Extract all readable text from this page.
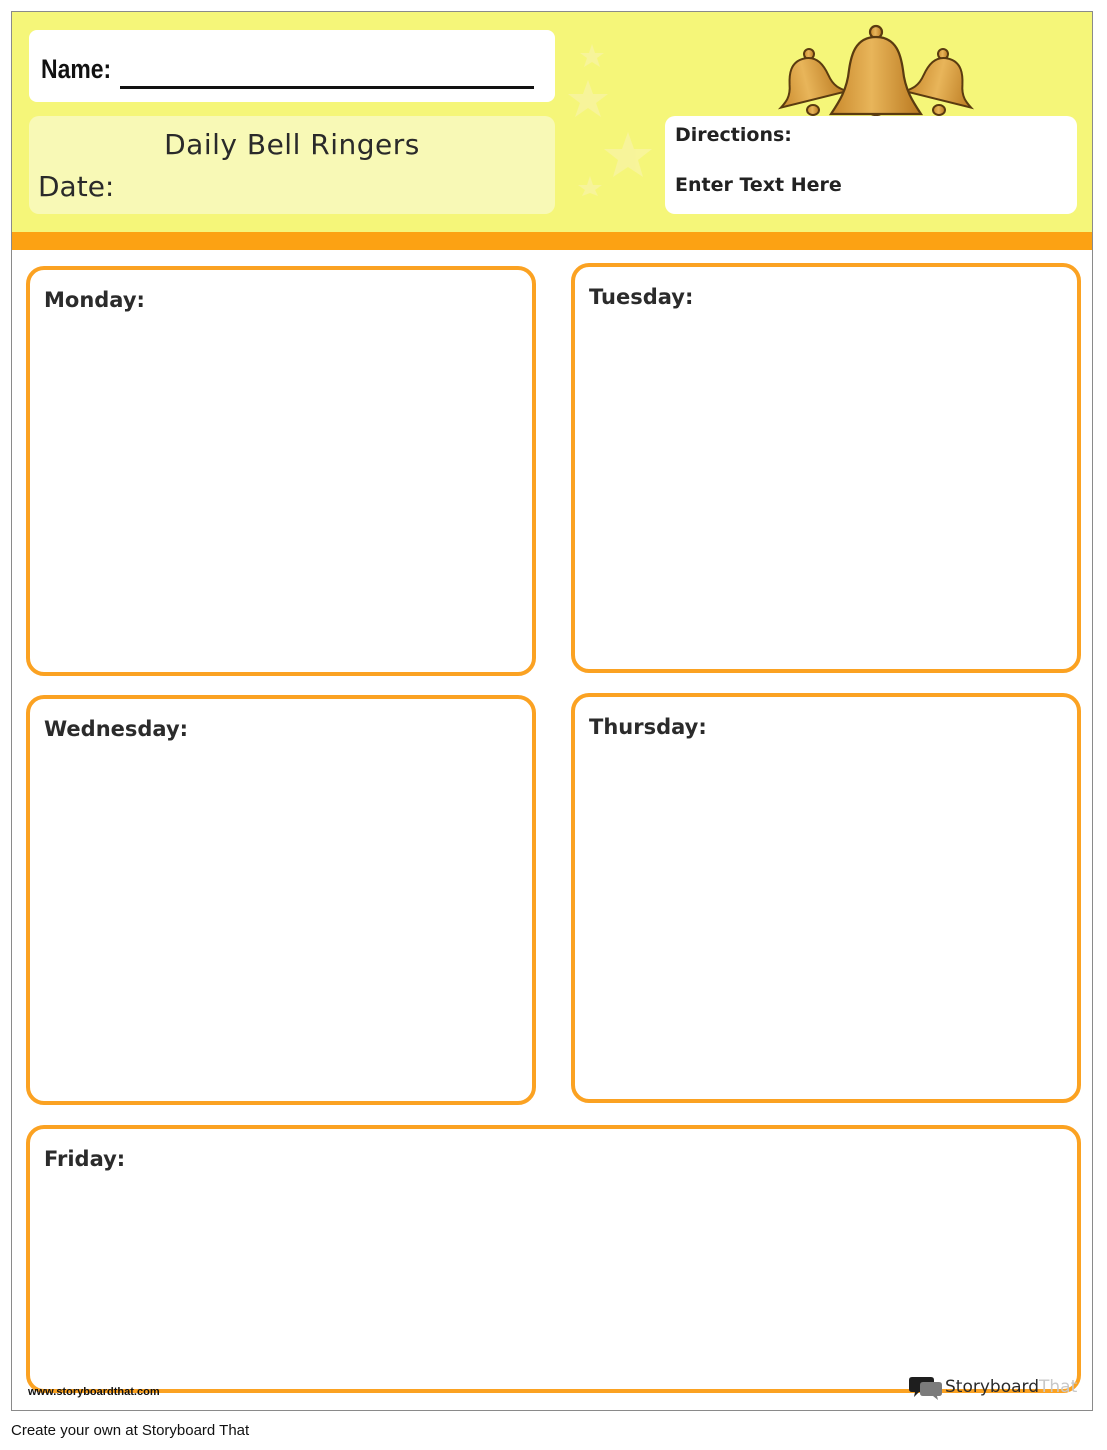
Name:
Daily Bell Ringers
Date:
Directions:
Enter Text Here
Monday:	Tuesday:
Wednesday:	Thursday:
Friday:
www.storyboardthat.com	StoryboardThat
Create your own at Storyboard That
